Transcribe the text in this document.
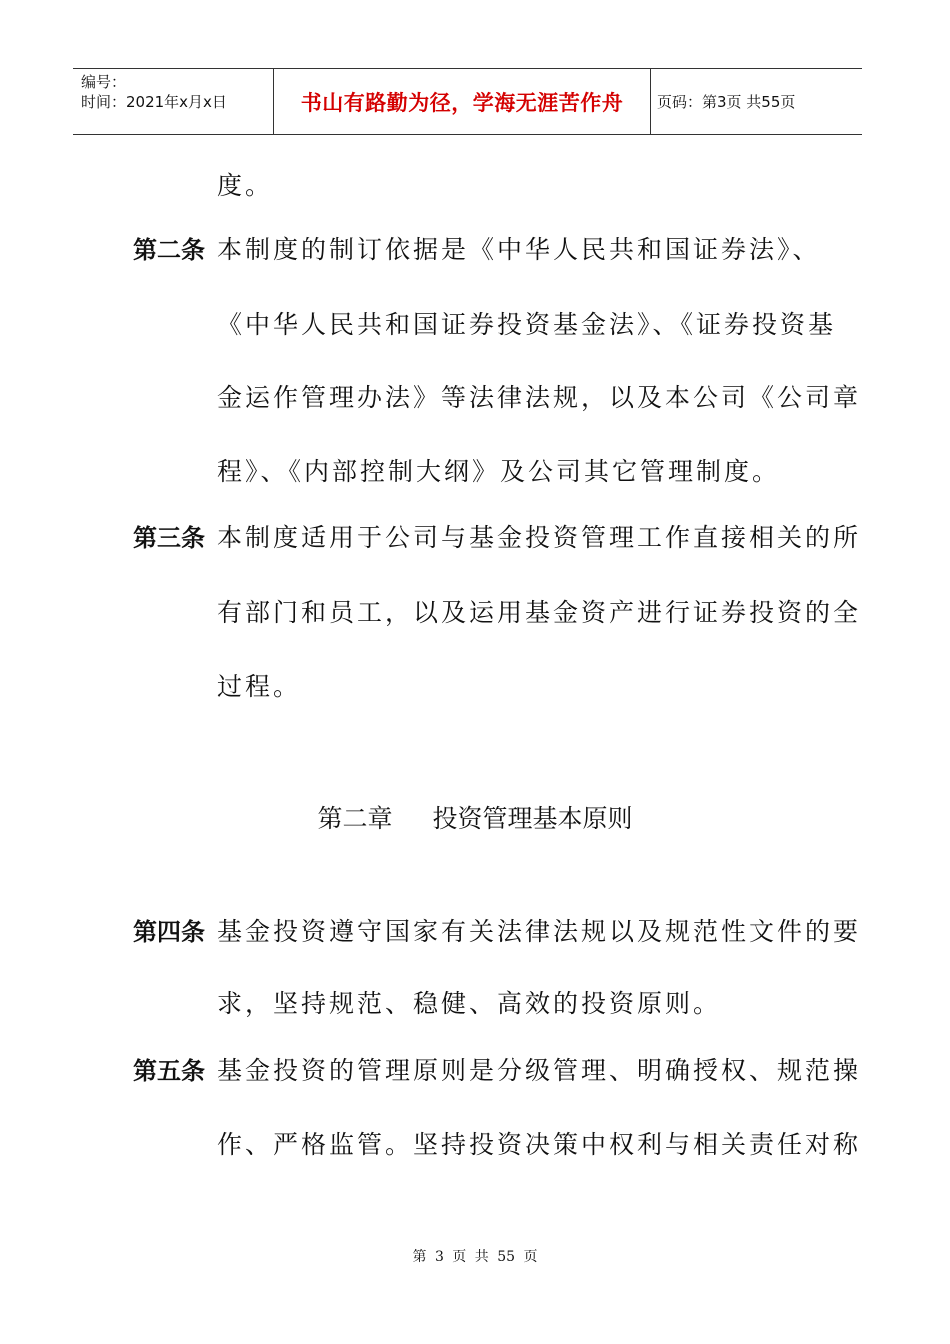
编号：
时间：2021年x月x日	书山有路勤为径，学海无涯苦作舟	页码：第3页 共55页
度。
第二条 本制度的制订依据是《中华人民共和国证券法》、
《中华人民共和国证券投资基金法》、《证券投资基
金运作管理办法》等法律法规，以及本公司《公司章
程》、《内部控制大纲》及公司其它管理制度。
第三条 本制度适用于公司与基金投资管理工作直接相关的所
有部门和员工，以及运用基金资产进行证券投资的全
过程。
第二章 投资管理基本原则
第四条 基金投资遵守国家有关法律法规以及规范性文件的要
求，坚持规范、稳健、高效的投资原则。
第五条 基金投资的管理原则是分级管理、明确授权、规范操
作、严格监管。坚持投资决策中权利与相关责任对称
第 3 页 共 55 页
